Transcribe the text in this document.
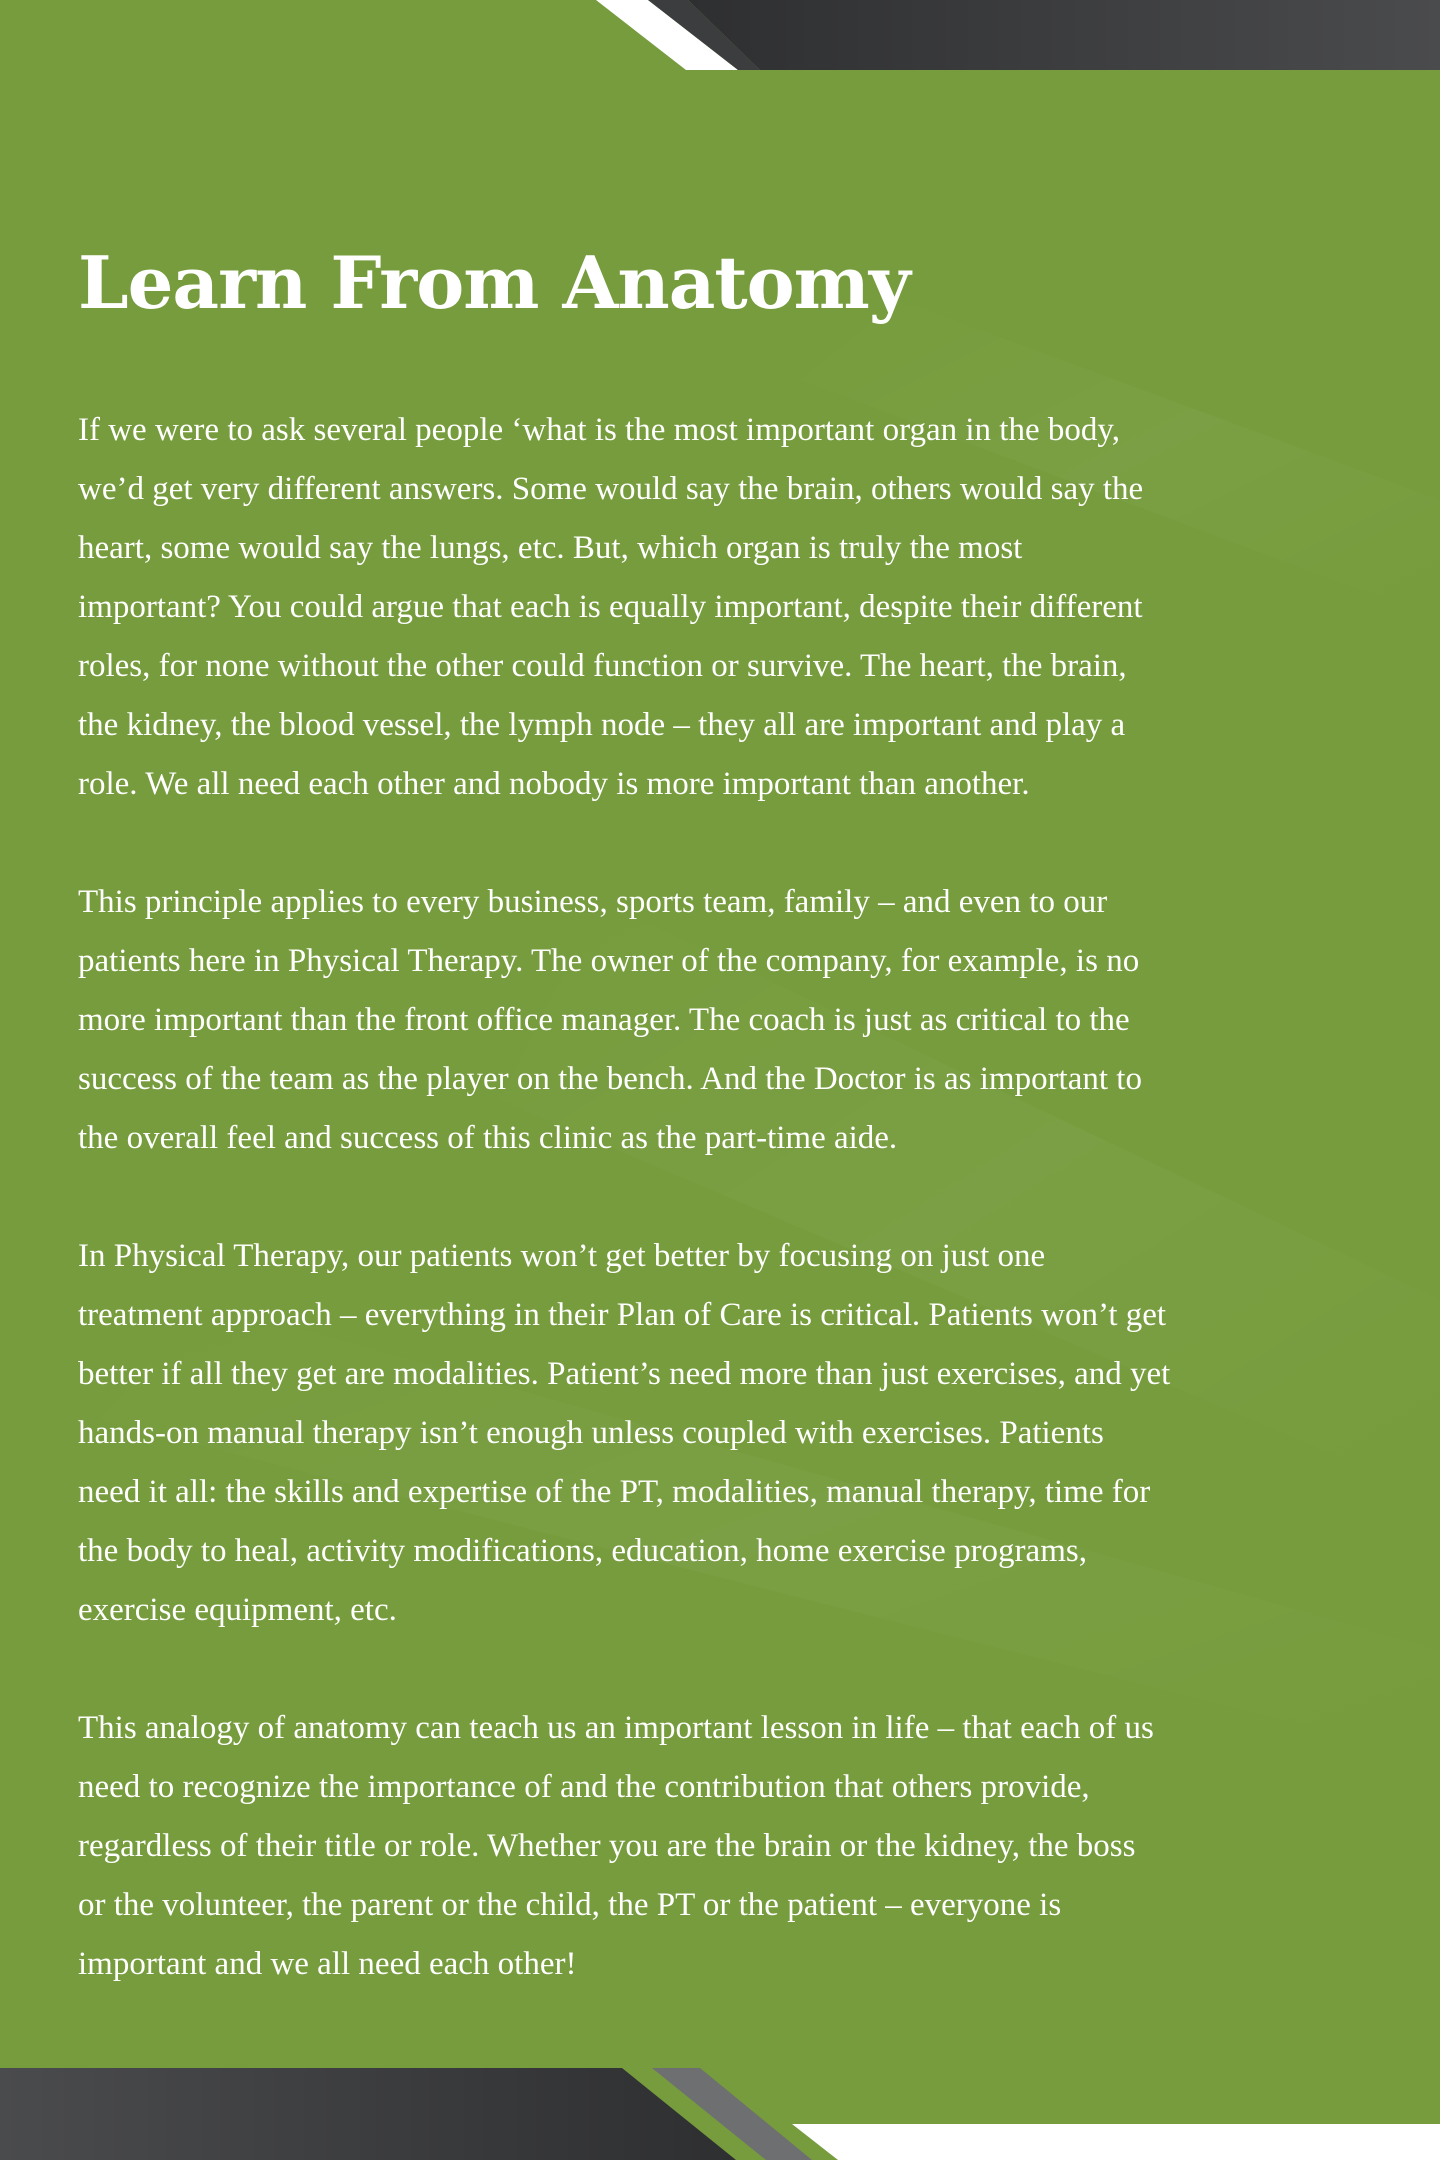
Learn From Anatomy

If we were to ask several people ‘what is the most important organ in the body,
we’d get very different answers. Some would say the brain, others would say the
heart, some would say the lungs, etc. But, which organ is truly the most
important? You could argue that each is equally important, despite their different
roles, for none without the other could function or survive. The heart, the brain,
the kidney, the blood vessel, the lymph node – they all are important and play a
role. We all need each other and nobody is more important than another.

This principle applies to every business, sports team, family – and even to our
patients here in Physical Therapy. The owner of the company, for example, is no
more important than the front office manager. The coach is just as critical to the
success of the team as the player on the bench. And the Doctor is as important to
the overall feel and success of this clinic as the part-time aide.

In Physical Therapy, our patients won’t get better by focusing on just one
treatment approach – everything in their Plan of Care is critical. Patients won’t get
better if all they get are modalities. Patient’s need more than just exercises, and yet
hands-on manual therapy isn’t enough unless coupled with exercises. Patients
need it all: the skills and expertise of the PT, modalities, manual therapy, time for
the body to heal, activity modifications, education, home exercise programs,
exercise equipment, etc.

This analogy of anatomy can teach us an important lesson in life – that each of us
need to recognize the importance of and the contribution that others provide,
regardless of their title or role. Whether you are the brain or the kidney, the boss
or the volunteer, the parent or the child, the PT or the patient – everyone is
important and we all need each other!
